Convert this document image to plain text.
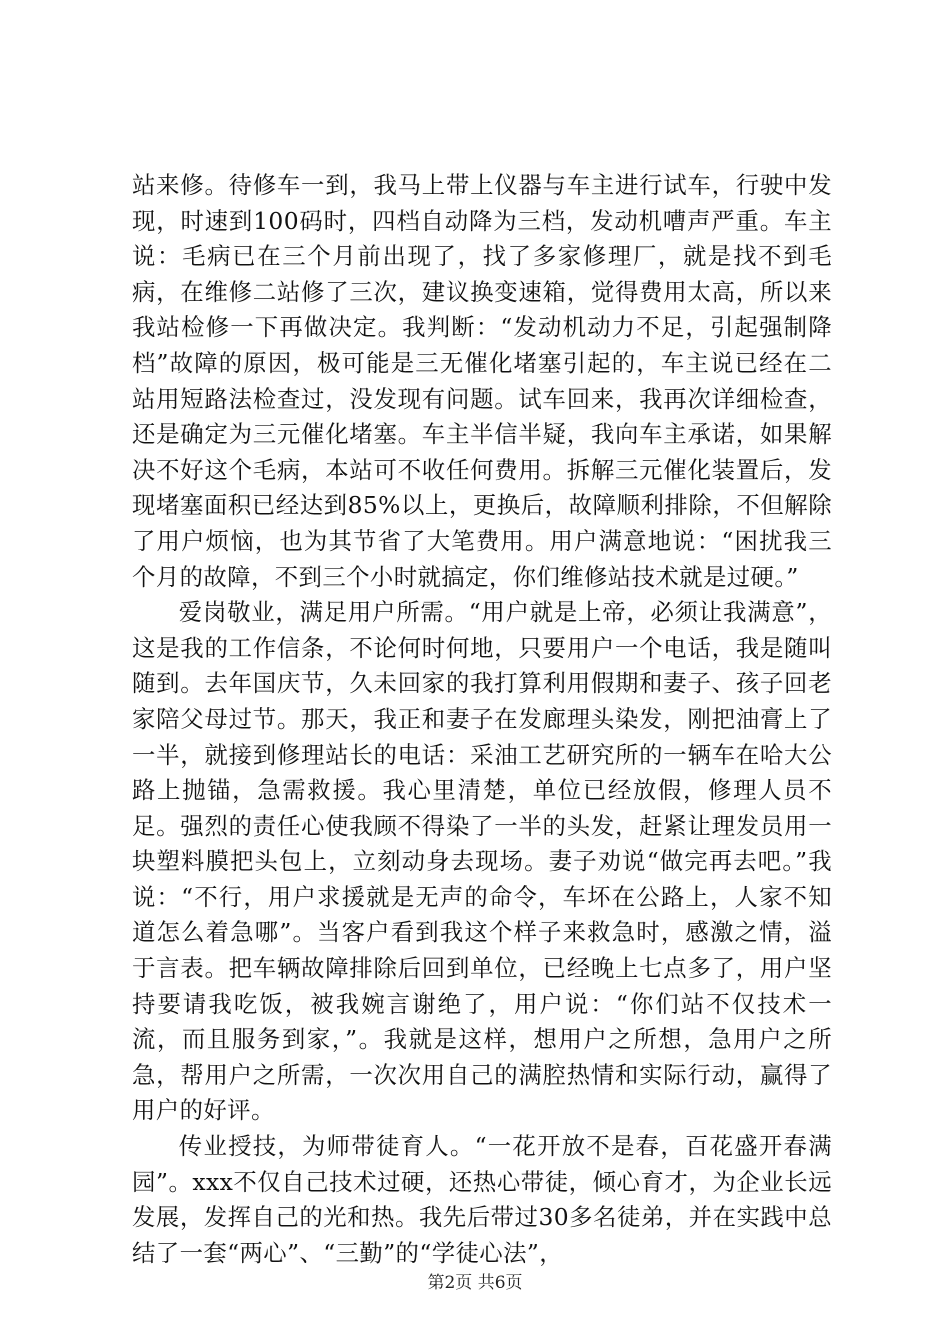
站来修。待修车一到，我马上带上仪器与车主进行试车，行驶中发现，时速到100码时，四档自动降为三档，发动机嘈声严重。车主说：毛病已在三个月前出现了，找了多家修理厂，就是找不到毛病，在维修二站修了三次，建议换变速箱，觉得费用太高，所以来我站检修一下再做决定。我判断：“发动机动力不足，引起强制降档”故障的原因，极可能是三无催化堵塞引起的，车主说已经在二站用短路法检查过，没发现有问题。试车回来，我再次详细检查，还是确定为三元催化堵塞。车主半信半疑，我向车主承诺，如果解决不好这个毛病，本站可不收任何费用。拆解三元催化装置后，发现堵塞面积已经达到85%以上，更换后，故障顺利排除，不但解除了用户烦恼，也为其节省了大笔费用。用户满意地说：“困扰我三个月的故障，不到三个小时就搞定，你们维修站技术就是过硬。”

爱岗敬业，满足用户所需。“用户就是上帝，必须让我满意”，这是我的工作信条，不论何时何地，只要用户一个电话，我是随叫随到。去年国庆节，久未回家的我打算利用假期和妻子、孩子回老家陪父母过节。那天，我正和妻子在发廊理头染发，刚把油膏上了一半，就接到修理站长的电话：采油工艺研究所的一辆车在哈大公路上抛锚，急需救援。我心里清楚，单位已经放假，修理人员不足。强烈的责任心使我顾不得染了一半的头发，赶紧让理发员用一块塑料膜把头包上，立刻动身去现场。妻子劝说“做完再去吧。”我说：“不行，用户求援就是无声的命令，车坏在公路上，人家不知道怎么着急哪”。当客户看到我这个样子来救急时，感激之情，溢于言表。把车辆故障排除后回到单位，已经晚上七点多了，用户坚持要请我吃饭，被我婉言谢绝了，用户说：“你们站不仅技术一流，而且服务到家，”。我就是这样，想用户之所想，急用户之所急，帮用户之所需，一次次用自己的满腔热情和实际行动，赢得了用户的好评。

传业授技，为师带徒育人。“一花开放不是春，百花盛开春满园”。xxx不仅自己技术过硬，还热心带徒，倾心育才，为企业长远发展，发挥自己的光和热。我先后带过30多名徒弟，并在实践中总结了一套“两心”、“三勤”的“学徒心法”，

第2页 共6页
